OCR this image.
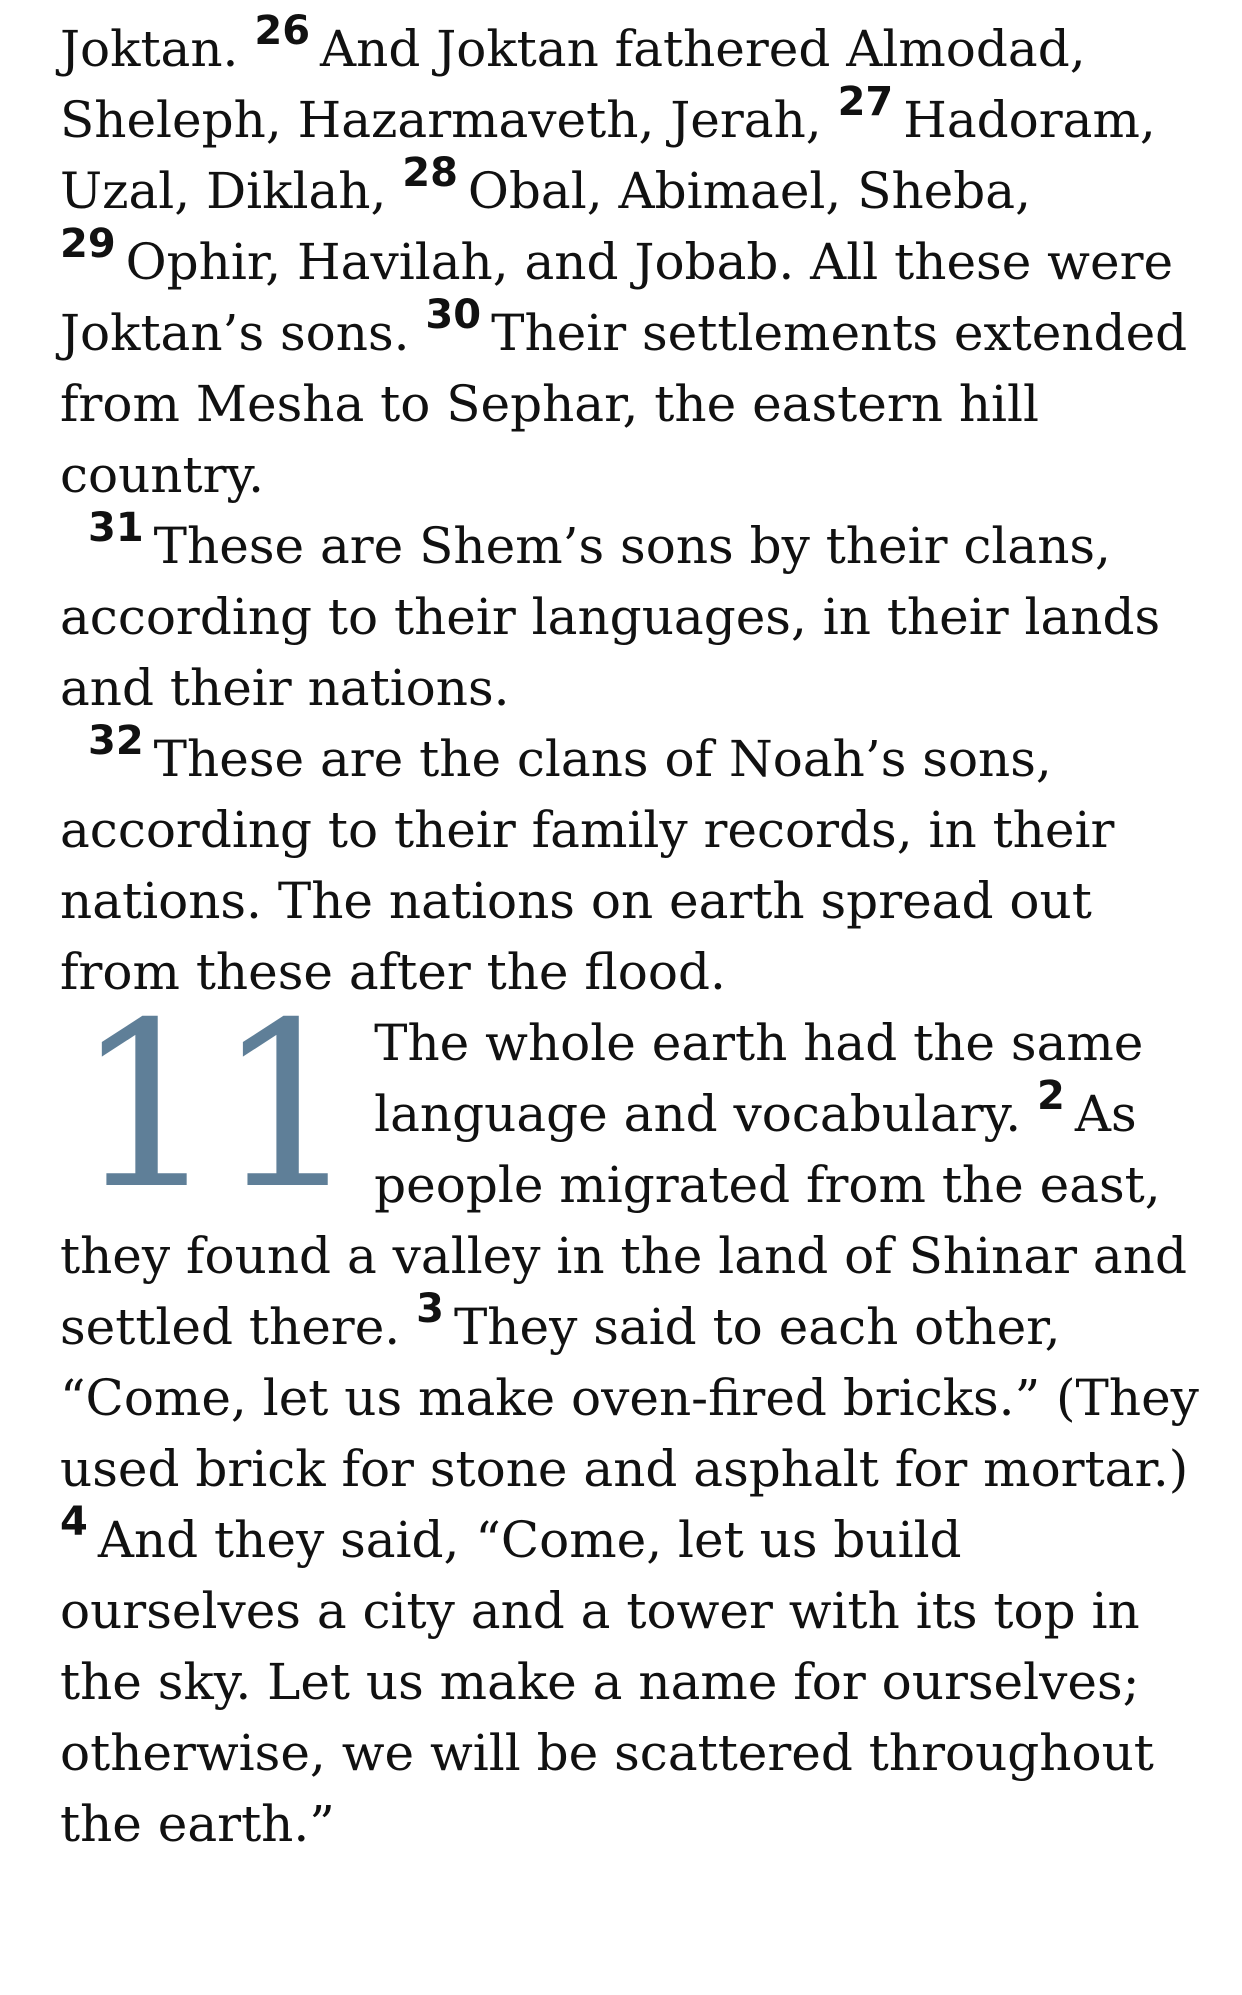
Joktan. $^{26}$ And Joktan fathered Almodad, Sheleph, Hazarmaveth, Jerah, $^{27}$ Hadoram, Uzal, Diklah, $^{28}$ Obal, Abimael, Sheba, $^{29}$ Ophir, Havilah, and Jobab. All these were Joktan’s sons. $^{30}$ Their settlements extended from Mesha to Sephar, the eastern hill country.

$^{31}$ These are Shem’s sons by their clans, according to their languages, in their lands and their nations.

$^{32}$ These are the clans of Noah’s sons, according to their family records, in their nations. The nations on earth spread out from these after the flood.

11 The whole earth had the same language and vocabulary. $^2$ As people migrated from the east, they found a valley in the land of Shinar and settled there. $^3$ They said to each other, “Come, let us make oven-fired bricks.” (They used brick for stone and asphalt for mortar.) $^4$ And they said, “Come, let us build ourselves a city and a tower with its top in the sky. Let us make a name for ourselves; otherwise, we will be scattered throughout the earth.”
